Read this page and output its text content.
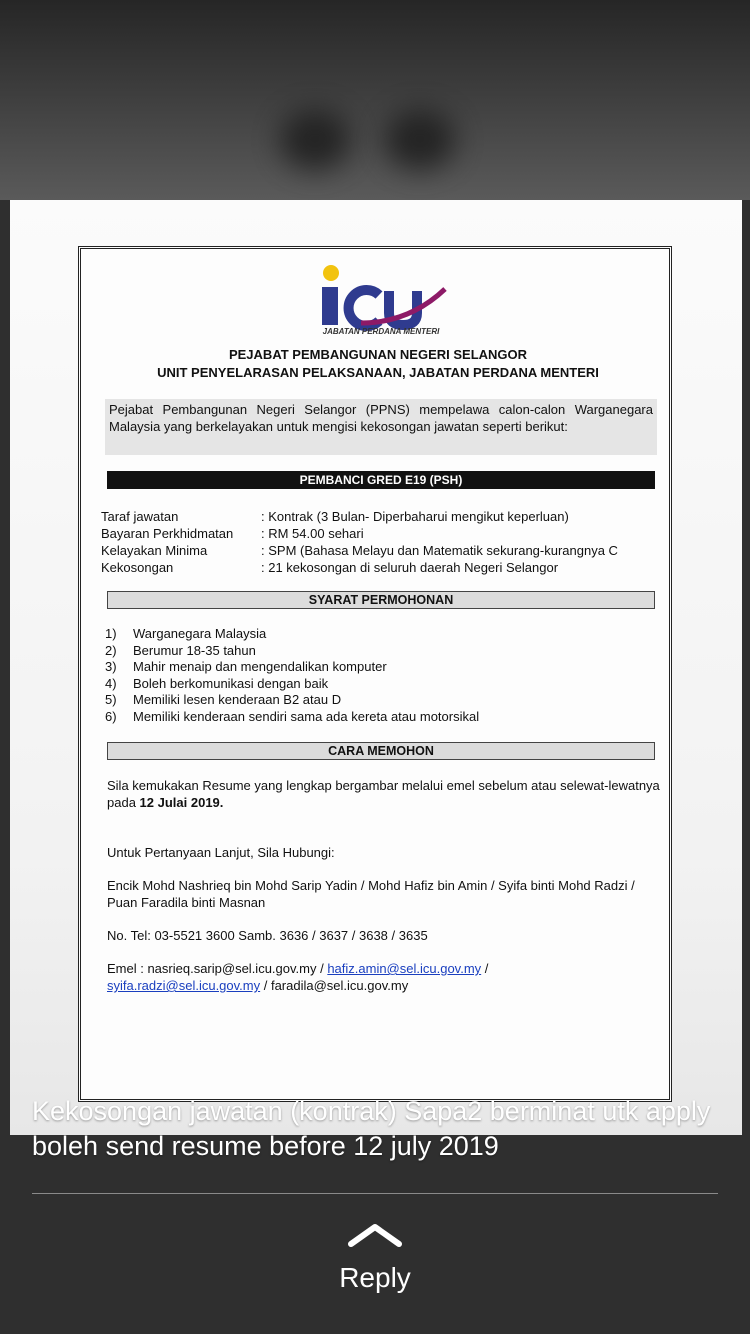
JABATAN PERDANA MENTERI
PEJABAT PEMBANGUNAN NEGERI SELANGOR
UNIT PENYELARASAN PELAKSANAAN, JABATAN PERDANA MENTERI
Pejabat Pembangunan Negeri Selangor (PPNS) mempelawa calon-calon Warganegara Malaysia yang berkelayakan untuk mengisi kekosongan jawatan seperti berikut:
PEMBANCI GRED E19 (PSH)
Taraf jawatan	: Kontrak (3 Bulan- Diperbaharui mengikut keperluan)
Bayaran Perkhidmatan : RM 54.00 sehari
Kelayakan Minima	: SPM (Bahasa Melayu dan Matematik sekurang-kurangnya C
Kekosongan	: 21 kekosongan di seluruh daerah Negeri Selangor
SYARAT PERMOHONAN
1) Warganegara Malaysia
2) Berumur 18-35 tahun
3) Mahir menaip dan mengendalikan komputer
4) Boleh berkomunikasi dengan baik
5) Memiliki lesen kenderaan B2 atau D
6) Memiliki kenderaan sendiri sama ada kereta atau motorsikal
CARA MEMOHON
Sila kemukakan Resume yang lengkap bergambar melalui emel sebelum atau selewat-lewatnya pada 12 Julai 2019.
Untuk Pertanyaan Lanjut, Sila Hubungi:
Encik Mohd Nashrieq bin Mohd Sarip Yadin / Mohd Hafiz bin Amin / Syifa binti Mohd Radzi / Puan Faradila binti Masnan
No. Tel: 03-5521 3600 Samb. 3636 / 3637 / 3638 / 3635
Emel : nasrieq.sarip@sel.icu.gov.my / hafiz.amin@sel.icu.gov.my /
syifa.radzi@sel.icu.gov.my / faradila@sel.icu.gov.my
Kekosongan jawatan (kontrak) Sapa2 berminat utk apply boleh send resume before 12 july 2019
Reply
